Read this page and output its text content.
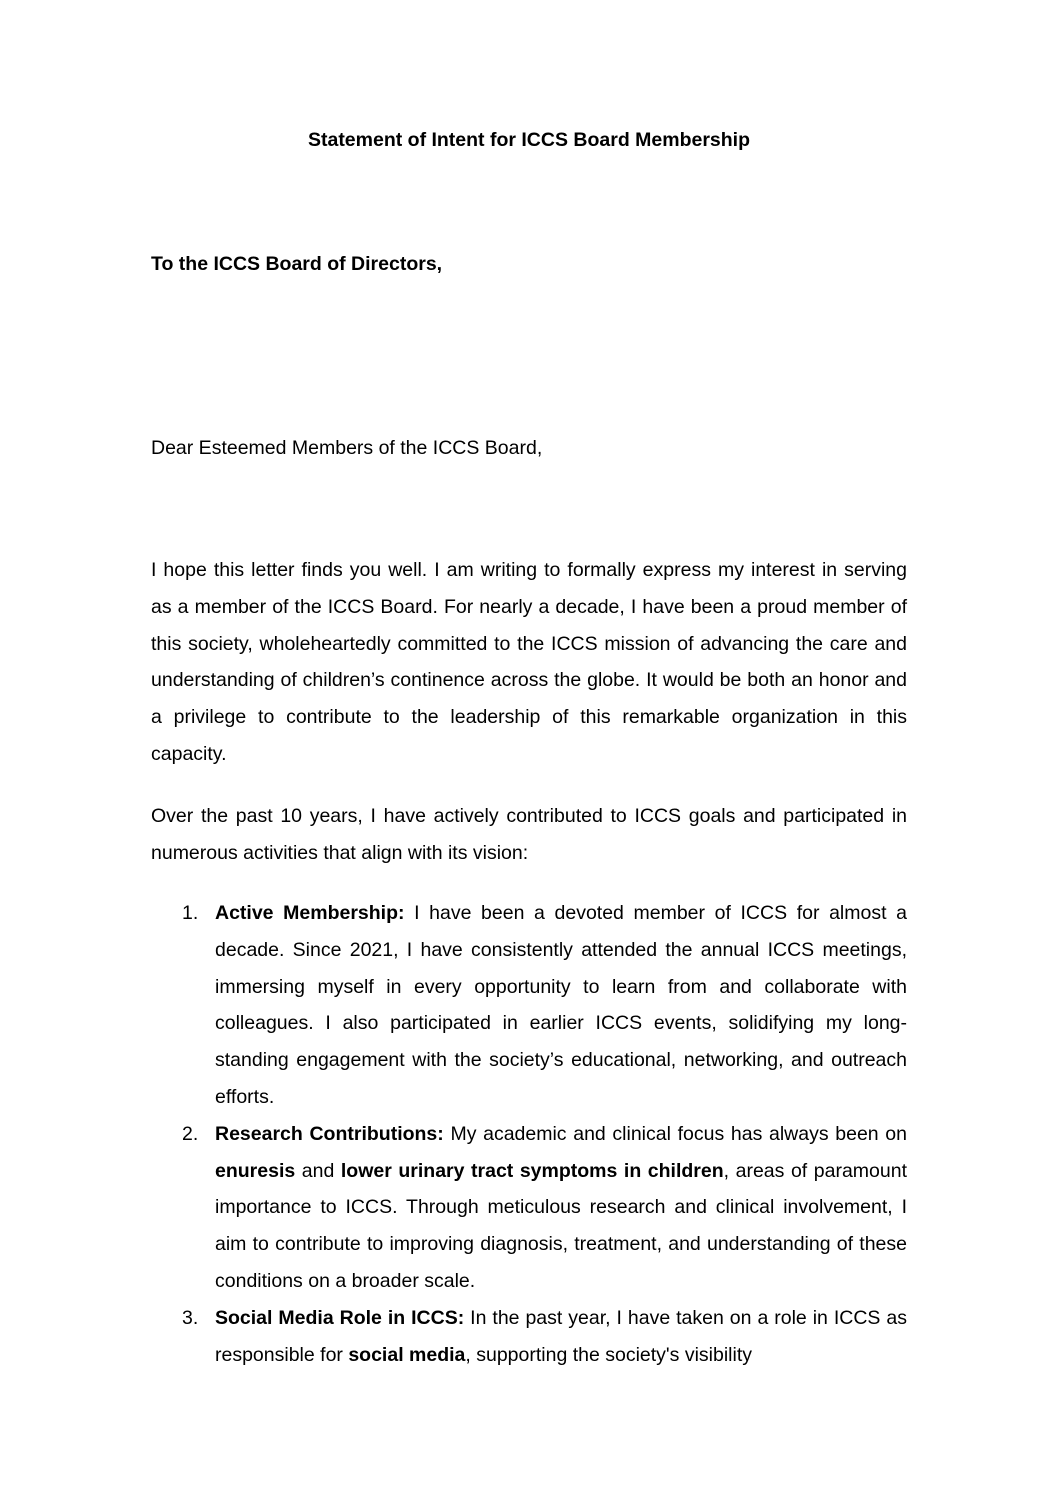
Statement of Intent for ICCS Board Membership
To the ICCS Board of Directors,
Dear Esteemed Members of the ICCS Board,

I hope this letter finds you well. I am writing to formally express my interest in serving as a member of the ICCS Board. For nearly a decade, I have been a proud member of this society, wholeheartedly committed to the ICCS mission of advancing the care and understanding of children’s continence across the globe. It would be both an honor and a privilege to contribute to the leadership of this remarkable organization in this capacity.

Over the past 10 years, I have actively contributed to ICCS goals and participated in numerous activities that align with its vision:

1. Active Membership: I have been a devoted member of ICCS for almost a decade. Since 2021, I have consistently attended the annual ICCS meetings, immersing myself in every opportunity to learn from and collaborate with colleagues. I also participated in earlier ICCS events, solidifying my long-standing engagement with the society’s educational, networking, and outreach efforts.
2. Research Contributions: My academic and clinical focus has always been on enuresis and lower urinary tract symptoms in children, areas of paramount importance to ICCS. Through meticulous research and clinical involvement, I aim to contribute to improving diagnosis, treatment, and understanding of these conditions on a broader scale.
3. Social Media Role in ICCS: In the past year, I have taken on a role in ICCS as responsible for social media, supporting the society's visibility
